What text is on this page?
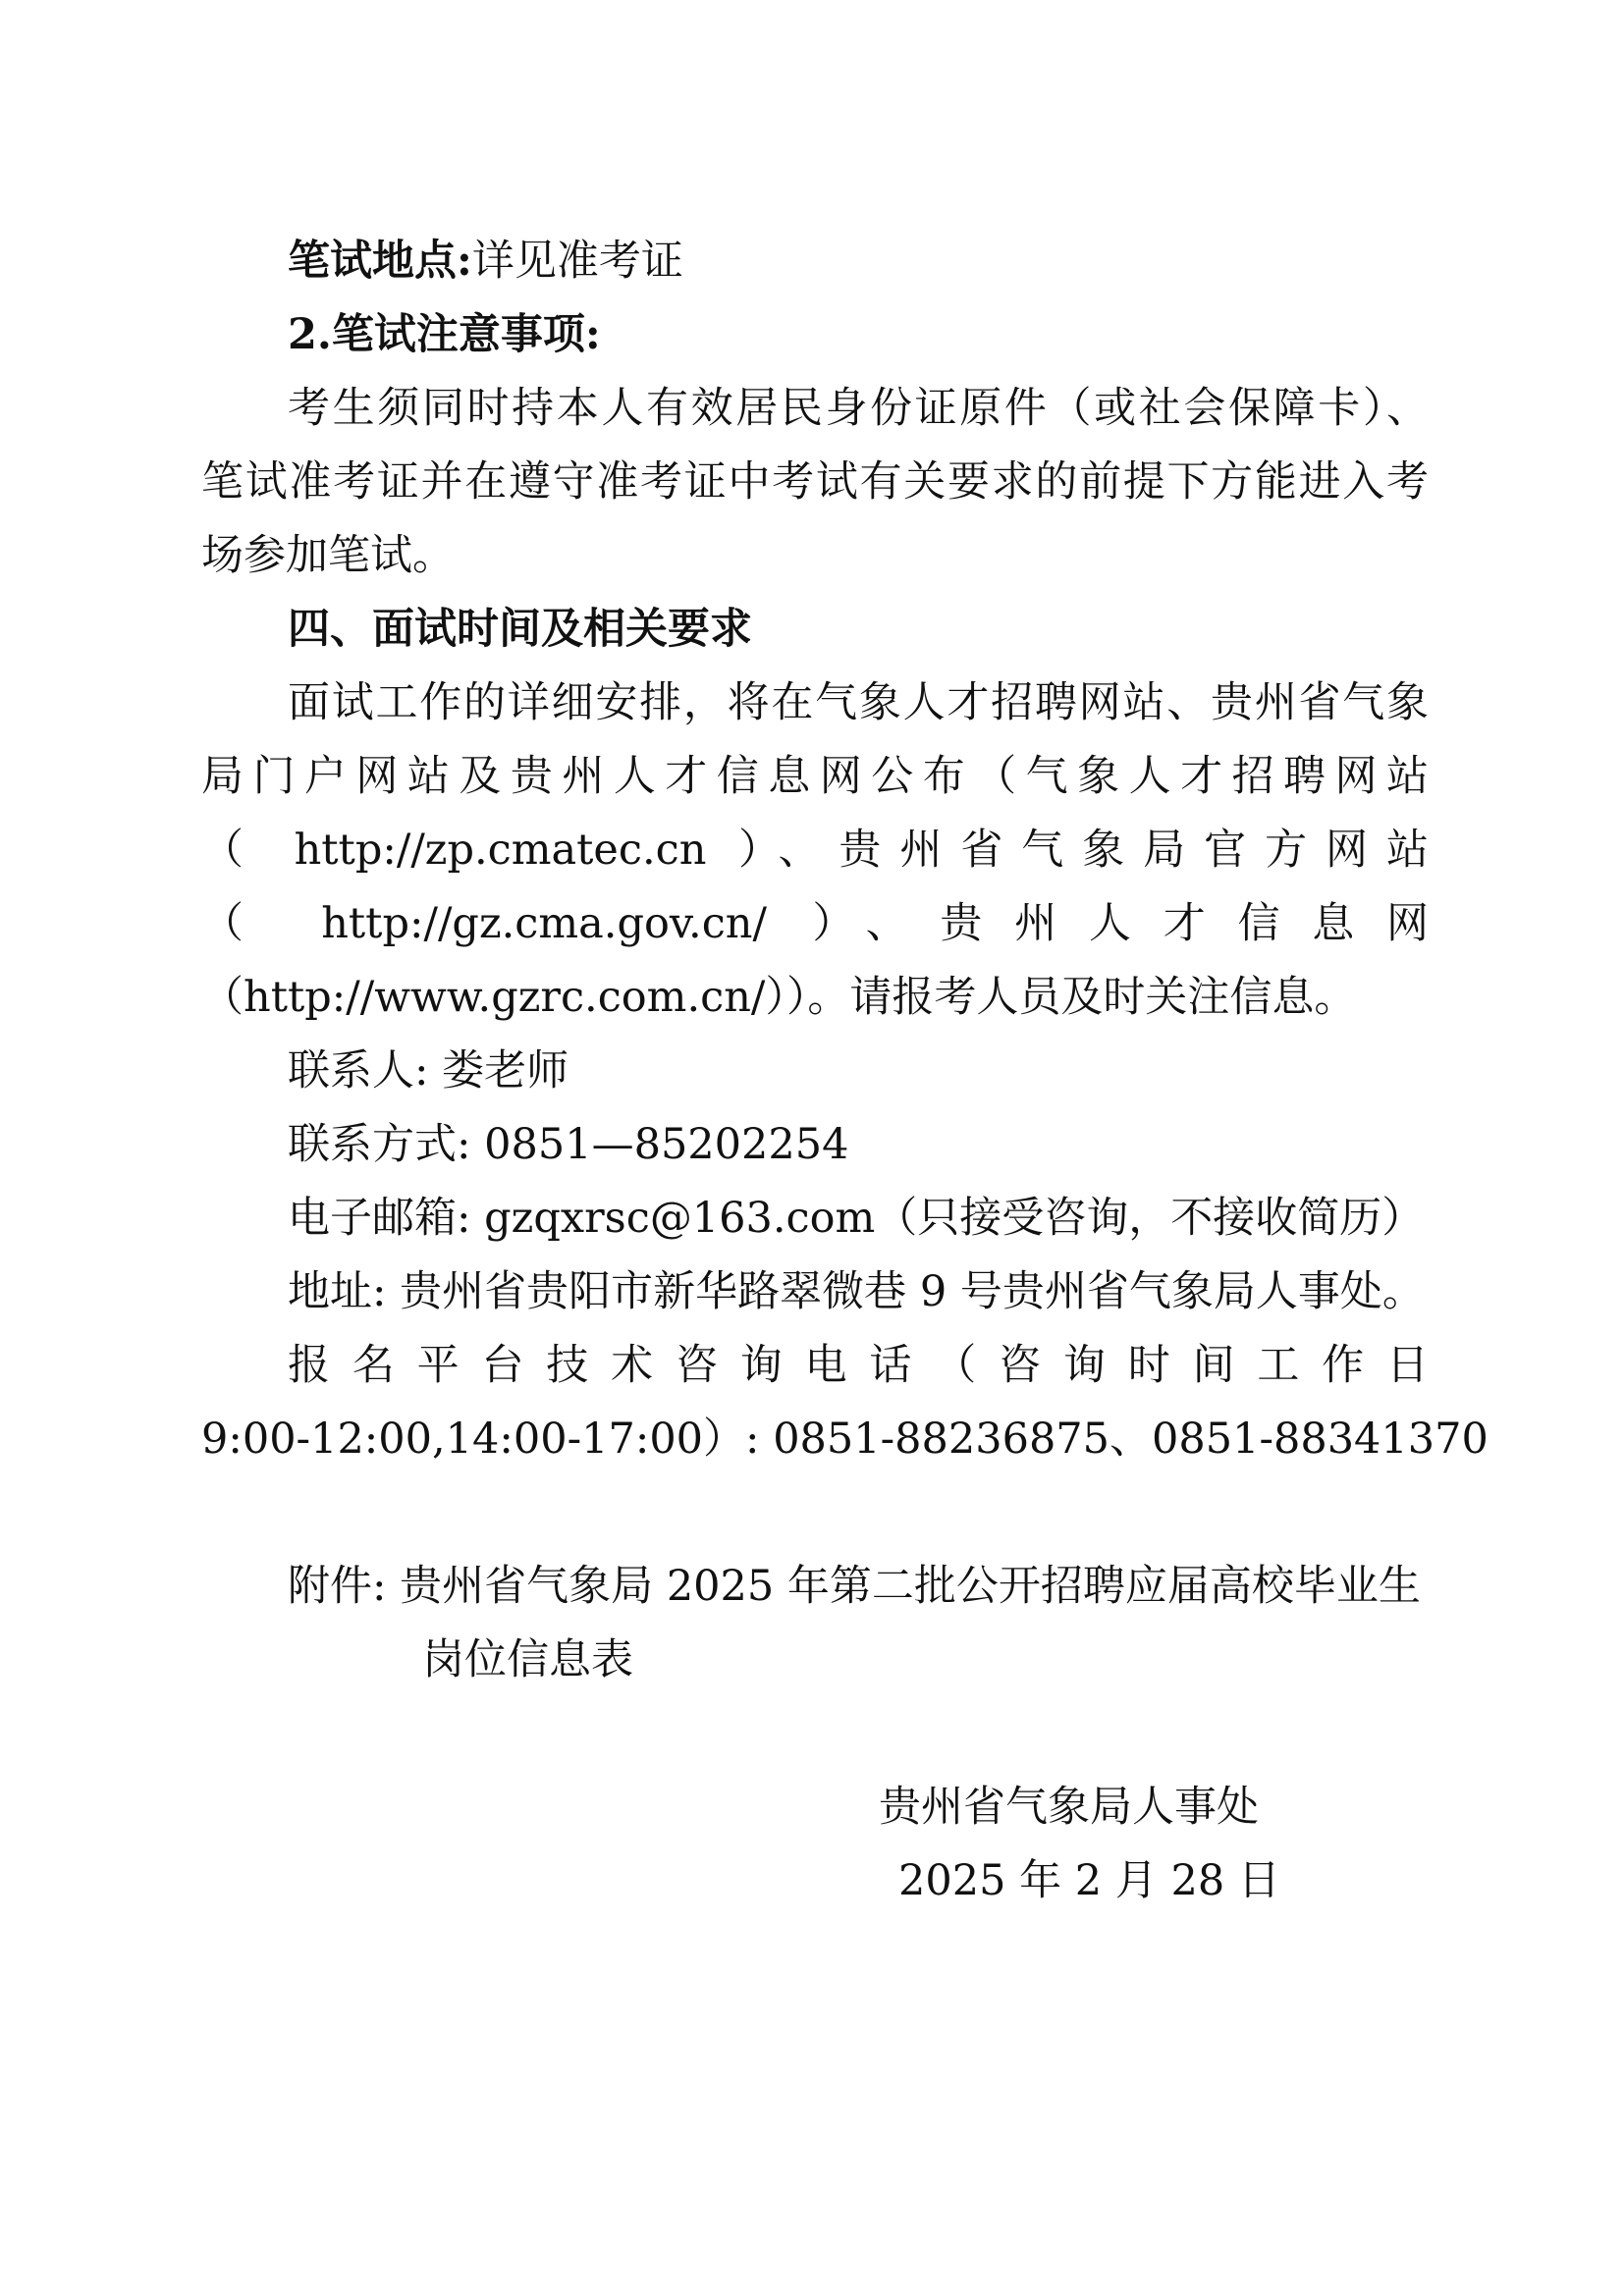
笔试地点:详见准考证
2.笔试注意事项:
考生须同时持本人有效居民身份证原件（或社会保障卡）、
笔试准考证并在遵守准考证中考试有关要求的前提下方能进入考
场参加笔试。
四、面试时间及相关要求
面试工作的详细安排，将在气象人才招聘网站、贵州省气象
局门户网站及贵州人才信息网公布（气象人才招聘网站
（ http://zp.cmatec.cn ）、贵州省气象局官方网站
（ http://gz.cma.gov.cn/ ）、贵州人才信息网
（http://www.gzrc.com.cn/））。请报考人员及时关注信息。
联系人: 娄老师
联系方式: 0851—85202254
电子邮箱: gzqxrsc@163.com（只接受咨询，不接收简历）
地址: 贵州省贵阳市新华路翠微巷 9 号贵州省气象局人事处。
报名平台技术咨询电话（咨询时间工作日
9:00-12:00,14:00-17:00）: 0851-88236875、0851-88341370
附件: 贵州省气象局 2025 年第二批公开招聘应届高校毕业生
岗位信息表
贵州省气象局人事处
2025 年 2 月 28 日
